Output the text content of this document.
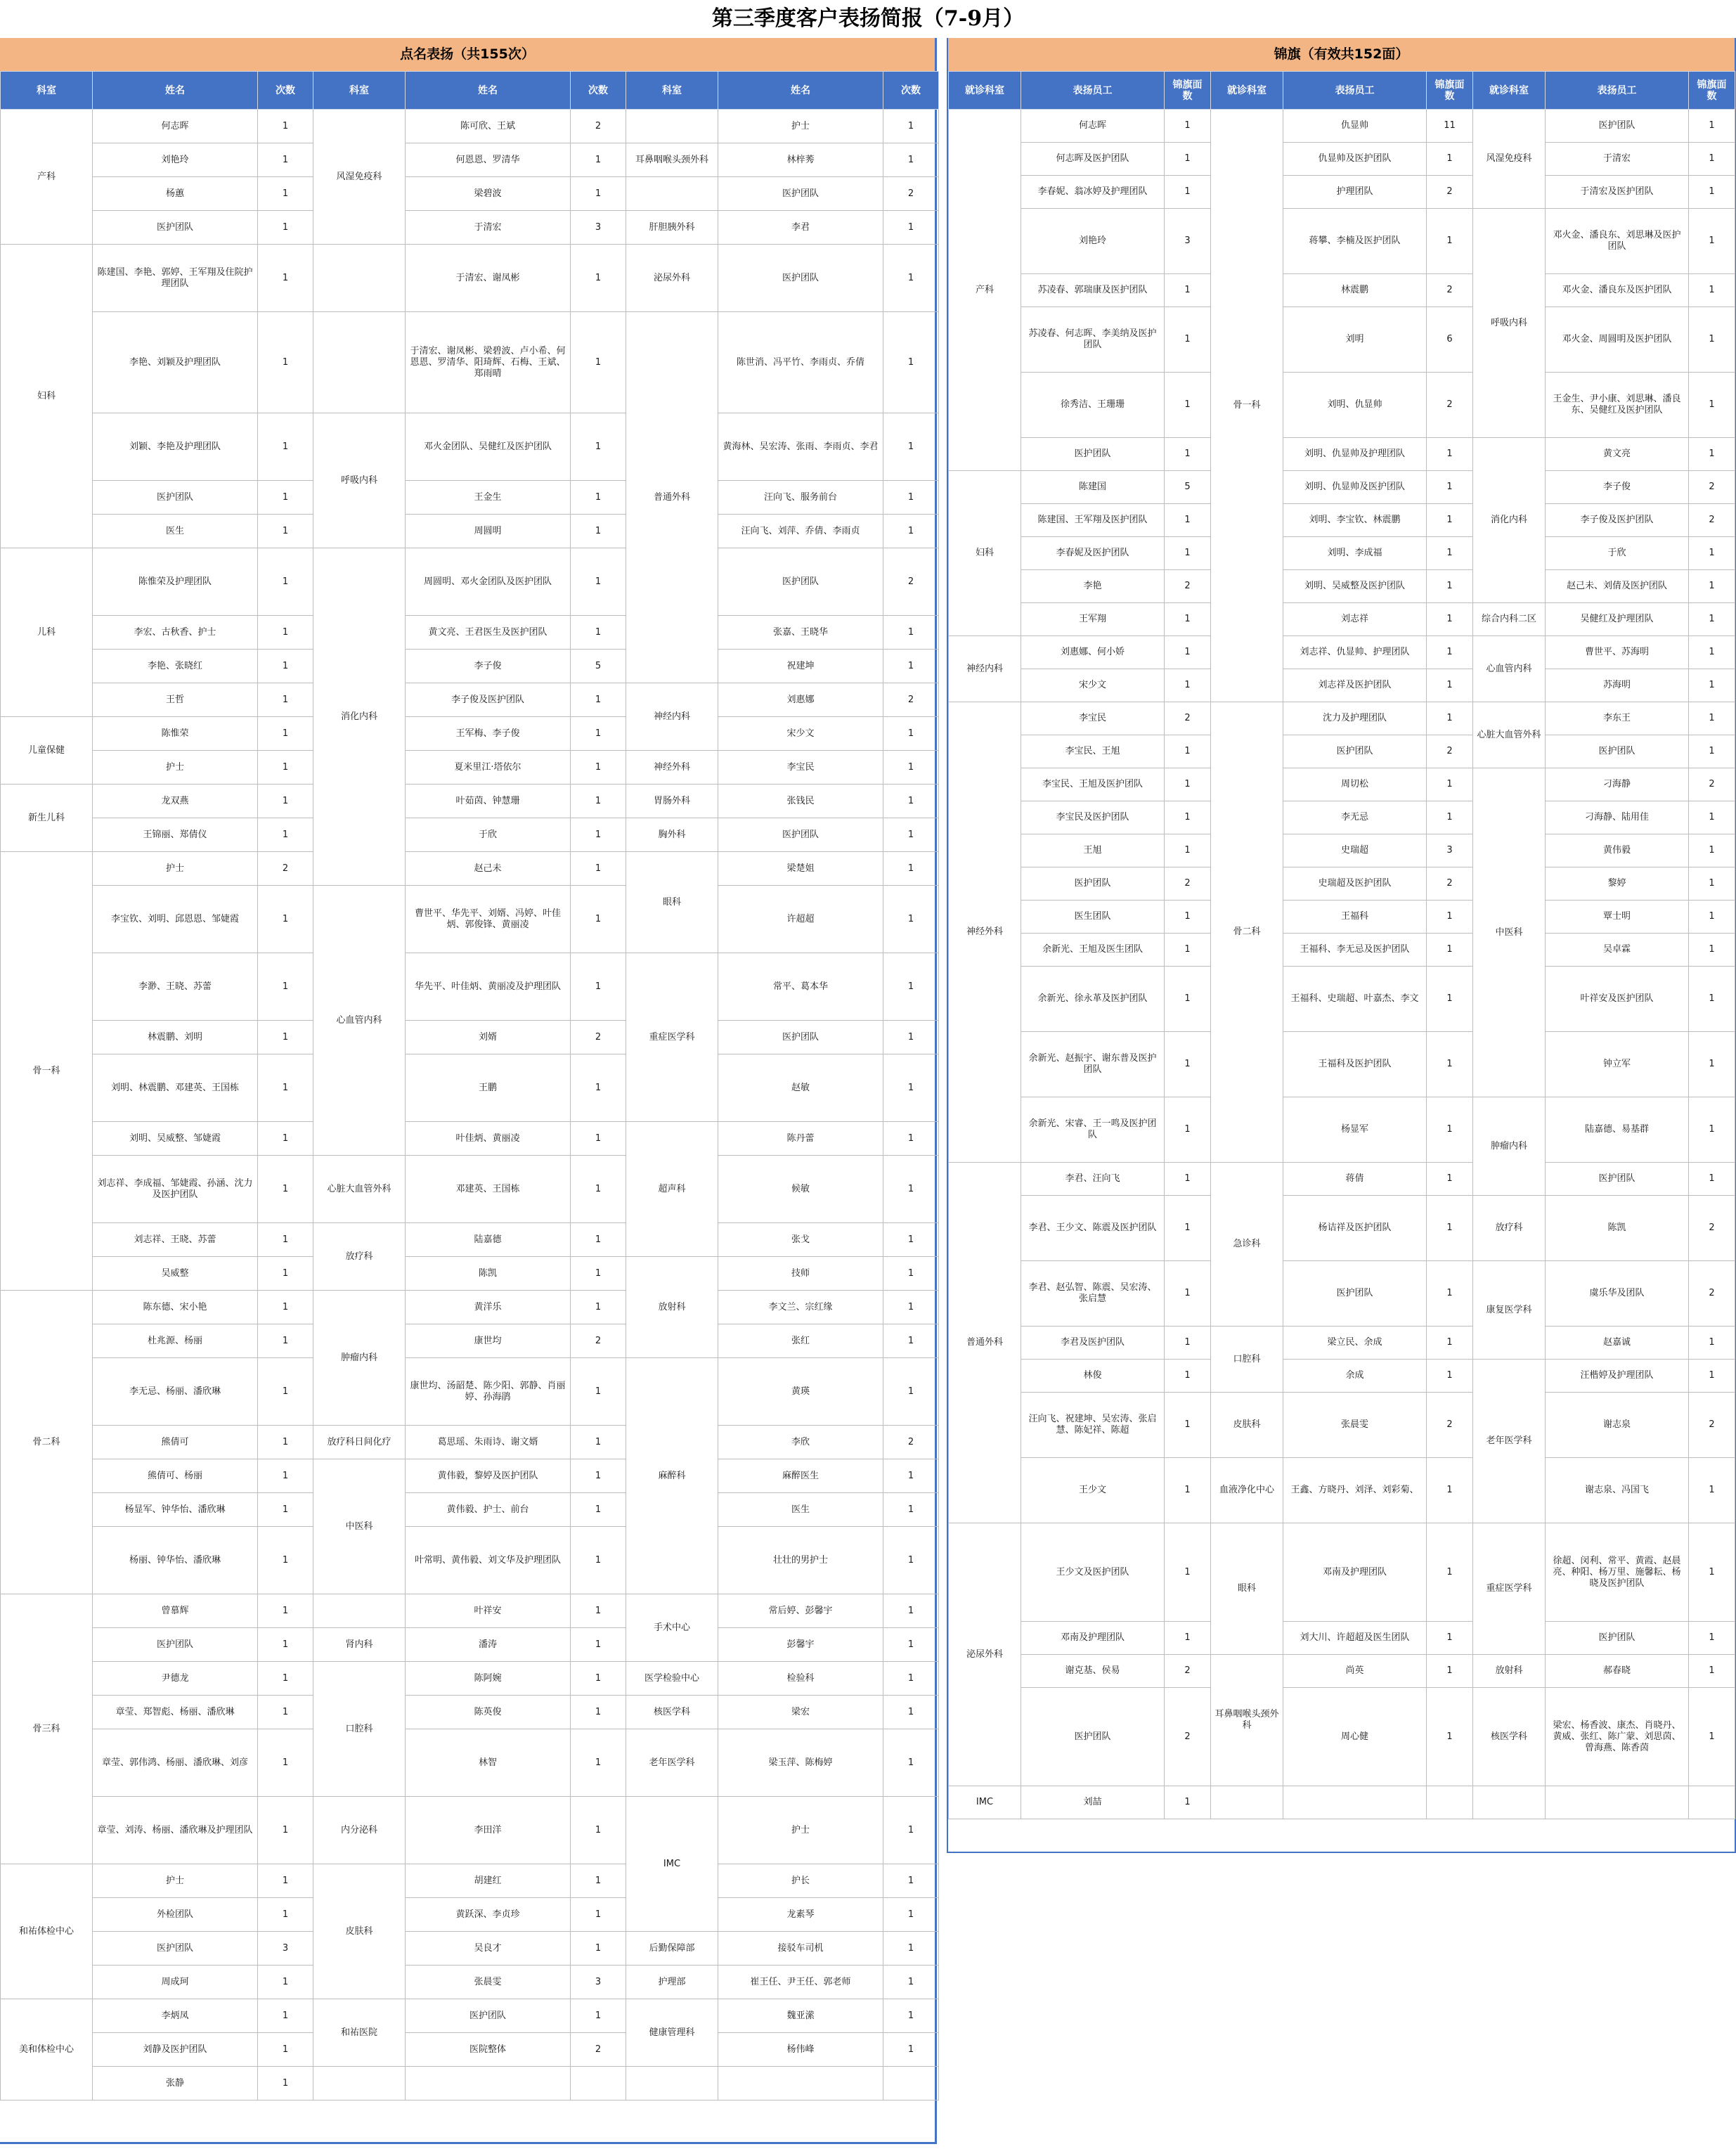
第三季度客户表扬简报（7-9月）
点名表扬（共155次）
科室	姓名	次数	科室	姓名	次数	科室	姓名	次数
产科	何志晖	1	风湿免疫科	陈可欣、王斌	2		护士	1
	刘艳玲	1		何恩恩、罗清华	1	耳鼻咽喉头颈外科	林梓莠	1
	杨蕙	1		梁碧波	1		医护团队	2
	医护团队	1		于清宏	3	肝胆胰外科	李君	1
妇科	陈建国、李艳、郭婷、王军翔及住院护理团队	1		于清宏、谢凤彬	1	泌尿外科	医护团队	1
	李艳、刘颖及护理团队	1		于清宏、谢凤彬、梁碧波、卢小希、何恩恩、罗清华、阳琦辉、石梅、王斌、郑雨晴	1	普通外科	陈世消、冯平竹、李雨贞、乔倩	1
	刘颖、李艳及护理团队	1	呼吸内科	邓火金团队、吴健红及医护团队	1		黄海林、吴宏涛、张雨、李雨贞、李君	1
	医护团队	1		王金生	1		汪向飞、服务前台	1
	医生	1		周圆明	1		汪向飞、刘萍、乔倩、李雨贞	1
儿科	陈惟荣及护理团队	1	消化内科	周圆明、邓火金团队及医护团队	1		医护团队	2
	李宏、古秋香、护士	1		黄文亮、王君医生及医护团队	1		张嘉、王晓华	1
	李艳、张晓红	1		李子俊	5		祝建坤	1
	王哲	1		李子俊及医护团队	1	神经内科	刘惠娜	2
儿童保健	陈惟荣	1		王军梅、李子俊	1		宋少文	1
	护士	1		夏米里江·塔依尔	1	神经外科	李宝民	1
新生儿科	龙双燕	1		叶茹茵、钟慧珊	1	胃肠外科	张钱民	1
	王锦丽、郑倩仪	1		于欣	1	胸外科	医护团队	1
骨一科	护士	2		赵己未	1	眼科	梁楚姐	1
	李宝钦、刘明、邱恩恩、邹婕霞	1	心血管内科	曹世平、华先平、刘婿、冯婷、叶佳炳、郭俊锋、黄丽凌	1		许超超	1
	李渺、王晓、苏蕾	1		华先平、叶佳炳、黄丽凌及护理团队	1	重症医学科	常平、葛本华	1
	林震鹏、刘明	1		刘婿	2		医护团队	1
	刘明、林震鹏、邓建英、王国栋	1		王鹏	1		赵敏	1
	刘明、吴威整、邹婕霞	1		叶佳炳、黄丽凌	1	超声科	陈丹蕾	1
	刘志祥、李成福、邹婕霞、孙涵、沈力及医护团队	1	心脏大血管外科	邓建英、王国栋	1		候敏	1
	刘志祥、王晓、苏蕾	1	放疗科	陆嘉德	1		张戈	1
	吴威整	1		陈凯	1	放射科	技师	1
骨二科	陈东德、宋小艳	1	肿瘤内科	黄洋乐	1		李文兰、宗红缘	1
	杜兆源、杨丽	1		康世均	2		张红	1
	李无忌、杨丽、潘欣琳	1		康世均、汤韶楚、陈少阳、郭静、肖丽婷、孙海鹃	1	麻醉科	黄瑛	1
	熊倩可	1	放疗科日间化疗	葛思瑶、朱雨诗、谢文婿	1		李欣	2
	熊倩可、杨丽	1	中医科	黄伟毅，黎婷及医护团队	1		麻醉医生	1
	杨显军、钟华怡、潘欣琳	1		黄伟毅、护士、前台	1		医生	1
	杨丽、钟华怡、潘欣琳	1		叶常明、黄伟毅、刘文华及护理团队	1		壮壮的男护士	1
骨三科	曾慕辉	1		叶祥安	1	手术中心	常后婷、彭馨宇	1
	医护团队	1	肾内科	潘涛	1		彭馨宇	1
	尹德龙	1	口腔科	陈阿婉	1	医学检验中心	检验科	1
	章莹、郑智彪、杨丽、潘欣琳	1		陈英俊	1	核医学科	梁宏	1
	章莹、郭伟鸿、杨丽、潘欣琳、刘彦	1		林智	1	老年医学科	梁玉萍、陈梅婷	1
	章莹、刘涛、杨丽、潘欣琳及护理团队	1	内分泌科	李田洋	1	IMC	护士	1
和祐体检中心	护士	1	皮肤科	胡建红	1		护长	1
	外检团队	1		黄跃深、李贞珍	1		龙素琴	1
	医护团队	3		吴良才	1	后勤保障部	接驳车司机	1
	周成珂	1		张晨雯	3	护理部	崔王任、尹王任、郭老师	1
美和体检中心	李炳凤	1	和祐医院	医护团队	1	健康管理科	魏亚潆	1
	刘静及医护团队	1		医院整体	2		杨伟峰	1
	张静	1						
锦旗（有效共152面）
就诊科室	表扬员工	锦旗面数	就诊科室	表扬员工	锦旗面数	就诊科室	表扬员工	锦旗面数
产科	何志晖	1	骨一科	仇显帅	11	风湿免疫科	医护团队	1
	何志晖及医护团队	1		仇显帅及医护团队	1		于清宏	1
	李春妮、翁冰婷及护理团队	1		护理团队	2		于清宏及医护团队	1
	刘艳玲	3		蒋攀、李楠及医护团队	1	呼吸内科	邓火金、潘良东、刘思琳及医护团队	1
	苏凌春、郭瑞康及医护团队	1		林震鹏	2		邓火金、潘良东及医护团队	1
	苏凌春、何志晖、李美纳及医护团队	1		刘明	6		邓火金、周圆明及医护团队	1
	徐秀洁、王珊珊	1		刘明、仇显帅	2		王金生、尹小康、刘思琳、潘良东、吴健红及医护团队	1
	医护团队	1		刘明、仇显帅及护理团队	1	消化内科	黄文亮	1
妇科	陈建国	5		刘明、仇显帅及医护团队	1		李子俊	2
	陈建国、王军翔及医护团队	1		刘明、李宝钦、林震鹏	1		李子俊及医护团队	2
	李春妮及医护团队	1		刘明、李成福	1		于欣	1
	李艳	2		刘明、吴威整及医护团队	1		赵己未、刘倩及医护团队	1
	王军翔	1		刘志祥	1	综合内科二区	吴健红及护理团队	1
神经内科	刘惠娜、何小娇	1		刘志祥、仇显帅、护理团队	1	心血管内科	曹世平、苏海明	1
	宋少文	1		刘志祥及医护团队	1		苏海明	1
神经外科	李宝民	2	骨二科	沈力及护理团队	1	心脏大血管外科	李东王	1
	李宝民、王旭	1		医护团队	2		医护团队	1
	李宝民、王旭及医护团队	1		周切松	1	中医科	刁海静	2
	李宝民及医护团队	1		李无忌	1		刁海静、陆用佳	1
	王旭	1		史瑞超	3		黄伟毅	1
	医护团队	2		史瑞超及医护团队	2		黎婷	1
	医生团队	1		王福科	1		覃士明	1
	余新光、王旭及医生团队	1		王福科、李无忌及医护团队	1		吴卓霖	1
	余新光、徐永革及医护团队	1		王福科、史瑞超、叶嘉杰、李文	1		叶祥安及医护团队	1
	余新光、赵振宇、谢东普及医护团队	1		王福科及医护团队	1		钟立军	1
	余新光、宋睿、王一鸣及医护团队	1		杨显军	1	肿瘤内科	陆嘉德、易基群	1
普通外科	李君、汪向飞	1	急诊科	蒋倩	1		医护团队	1
	李君、王少文、陈震及医护团队	1		杨诘祥及医护团队	1	放疗科	陈凯	2
	李君、赵弘智、陈震、吴宏涛、张启慧	1		医护团队	1	康复医学科	虞乐华及团队	2
	李君及医护团队	1	口腔科	梁立民、余成	1		赵嘉诚	1
	林俊	1		余成	1	老年医学科	汪楷婷及护理团队	1
	汪向飞、祝建坤、吴宏涛、张启慧、陈妃祥、陈超	1	皮肤科	张晨雯	2		谢志泉	2
	王少文	1	血液净化中心	王鑫、方晓丹、刘泽、刘彩菊、	1		谢志泉、冯国飞	1
泌尿外科	王少文及医护团队	1	眼科	邓南及护理团队	1	重症医学科	徐超、闵利、常平、黄霞、赵晨亮、种阳、杨万里、施馨耘、杨晓及医护团队	1
	邓南及护理团队	1		刘大川、许超超及医生团队	1		医护团队	1
	谢克基、侯易	2	耳鼻咽喉头颈外科	尚英	1	放射科	郝春晓	1
	医护团队	2		周心健	1	核医学科	梁宏、杨香波、康杰、肖晓丹、黄威、张红、陈广蒙、刘思茵、曾海燕、陈香茵	1
IMC	刘喆	1						
